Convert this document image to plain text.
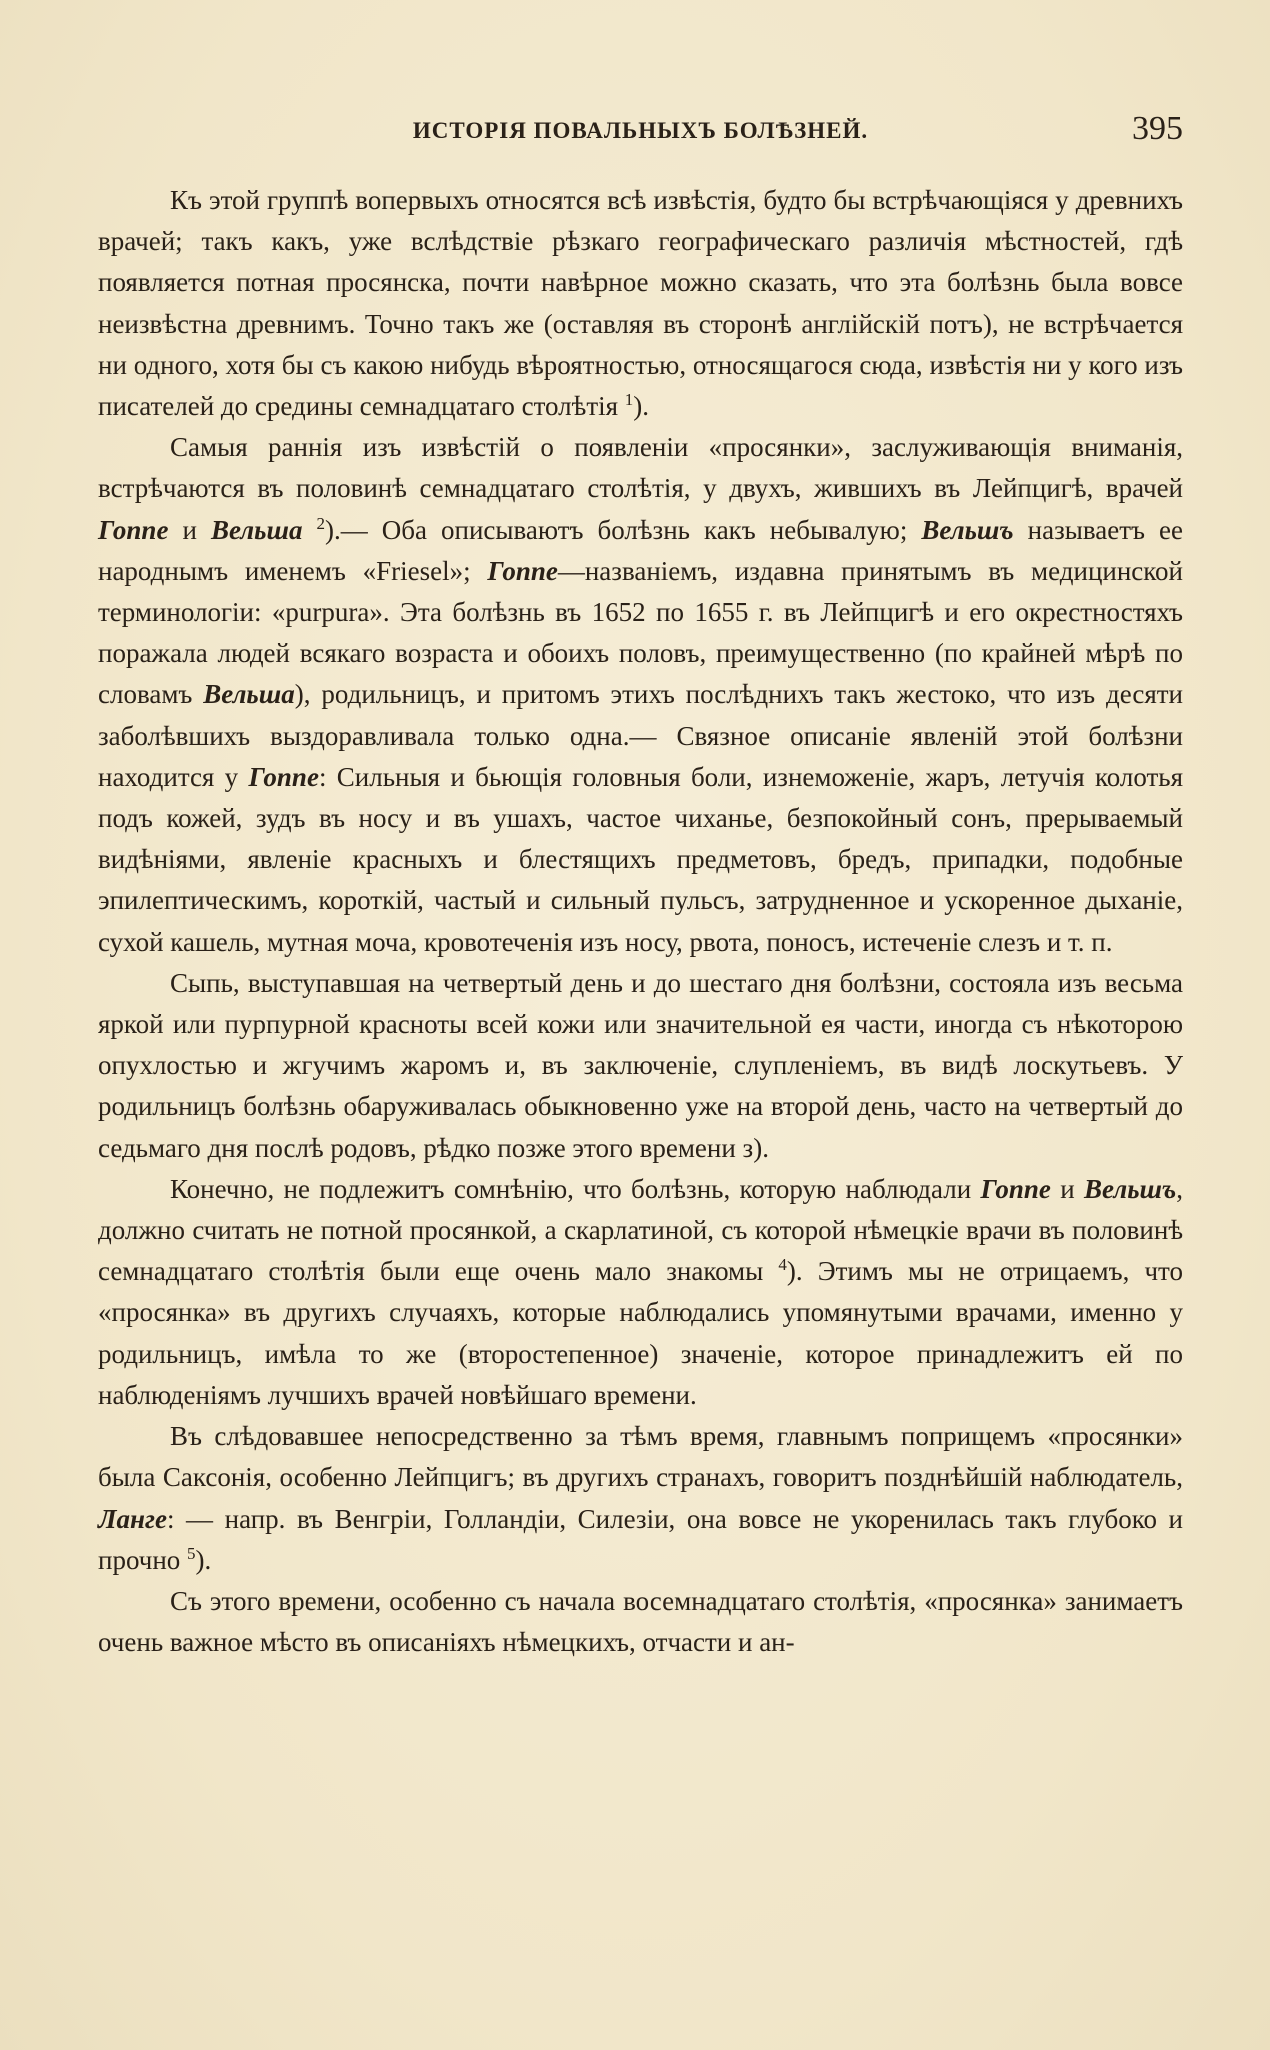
ИСТОРІЯ ПОВАЛЬНЫХЪ БОЛѢЗНЕЙ.	395

Къ этой группѣ вопервыхъ относятся всѣ извѣстія, будто бы встрѣчающіяся у древнихъ врачей; такъ какъ, уже вслѣдствіе рѣзкаго географическаго различія мѣстностей, гдѣ появляется потная просянска, почти навѣрное можно сказать, что эта болѣзнь была вовсе неизвѣстна древнимъ. Точно такъ же (оставляя въ сторонѣ англійскій потъ), не встрѣчается ни одного, хотя бы съ какою нибудь вѣроятностью, относящагося сюда, извѣстія ни у кого изъ писателей до средины семнадцатаго столѣтія $^1$).

Самыя раннія изъ извѣстій о появленіи «просянки», заслуживающія вниманія, встрѣчаются въ половинѣ семнадцатаго столѣтія, у двухъ, жившихъ въ Лейпцигѣ, врачей Гоппе и Вельша $^2$).— Оба описываютъ болѣзнь какъ небывалую; Вельшъ называетъ ее народнымъ именемъ «Friesel»; Гоппе—названіемъ, издавна принятымъ въ медицинской терминологіи: «purpura». Эта болѣзнь въ 1652 по 1655 г. въ Лейпцигѣ и его окрестностяхъ поражала людей всякаго возраста и обоихъ половъ, преимущественно (по крайней мѣрѣ по словамъ Вельша), родильницъ, и притомъ этихъ послѣднихъ такъ жестоко, что изъ десяти заболѣвшихъ выздоравливала только одна.— Связное описаніе явленій этой болѣзни находится у Гоппе: Сильныя и бьющія головныя боли, изнеможеніе, жаръ, летучія колотья подъ кожей, зудъ въ носу и въ ушахъ, частое чиханье, безпокойный сонъ, прерываемый видѣніями, явленіе красныхъ и блестящихъ предметовъ, бредъ, припадки, подобные эпилептическимъ, короткій, частый и сильный пульсъ, затрудненное и ускоренное дыханіе, сухой кашель, мутная моча, кровотеченія изъ носу, рвота, поносъ, истеченіе слезъ и т. п.

Сыпь, выступавшая на четвертый день и до шестаго дня болѣзни, состояла изъ весьма яркой или пурпурной красноты всей кожи или значительной ея части, иногда съ нѣкоторою опухлостью и жгучимъ жаромъ и, въ заключеніе, слупленіемъ, въ видѣ лоскутьевъ. У родильницъ болѣзнь обаруживалась обыкновенно уже на второй день, часто на четвертый до седьмаго дня послѣ родовъ, рѣдко позже этого времени з).

Конечно, не подлежитъ сомнѣнію, что болѣзнь, которую наблюдали Гоппе и Вельшъ, должно считать не потной просянкой, а скарлатиной, съ которой нѣмецкіе врачи въ половинѣ семнадцатаго столѣтія были еще очень мало знакомы $^4$). Этимъ мы не отрицаемъ, что «просянка» въ другихъ случаяхъ, которые наблюдались упомянутыми врачами, именно у родильницъ, имѣла то же (второстепенное) значеніе, которое принадлежитъ ей по наблюденіямъ лучшихъ врачей новѣйшаго времени.

Въ слѣдовавшее непосредственно за тѣмъ время, главнымъ поприщемъ «просянки» была Саксонія, особенно Лейпцигъ; въ другихъ странахъ, говоритъ позднѣйшій наблюдатель, Ланге: — напр. въ Венгріи, Голландіи, Силезіи, она вовсе не укоренилась такъ глубоко и прочно $^5$).

Съ этого времени, особенно съ начала восемнадцатаго столѣтія, «просянка» занимаетъ очень важное мѣсто въ описаніяхъ нѣмецкихъ, отчасти и ан-
